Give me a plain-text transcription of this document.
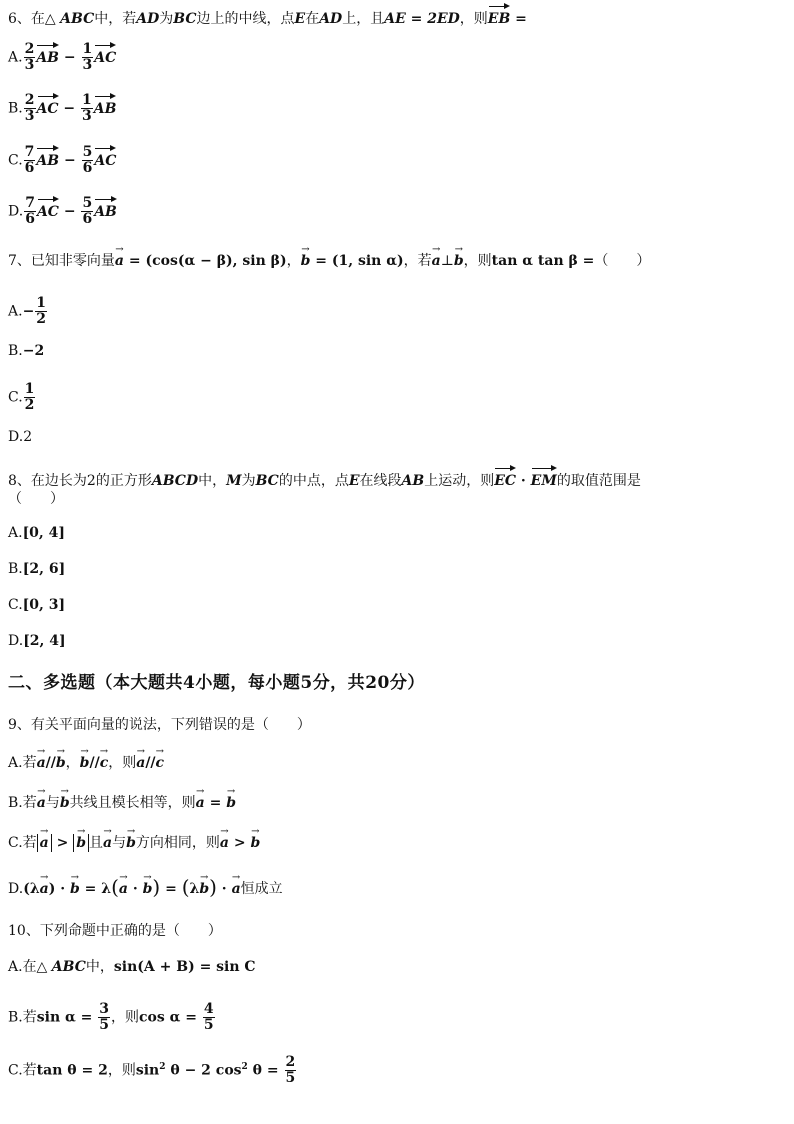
6、在△ ABC中，若AD为BC边上的中线，点E在AD上，且AE = 2ED，则EB =
A. $\frac{2}{3}$ AB − $\frac{1}{3}$ AC
B. $\frac{2}{3}$ AC − $\frac{1}{3}$ AB
C. $\frac{7}{6}$ AB − $\frac{5}{6}$ AC
D. $\frac{7}{6}$ AC − $\frac{5}{6}$ AB
7、已知非零向量a → = (cos(α − β), sin β)，b → = (1, sin α)，若a →⊥b →，则tan α tan β =（　　）
$A.- \frac{1}{2}$
B.−2
C. $\frac{1}{2}$
D.2
8、在边长为2的正方形ABCD中，M为BC的中点，点E在线段AB上运动，则EC · EM的取值范围是
（　　）
A.[0, 4]
B.[2, 6]
C.[0, 3]
D.[2, 4]
二、多选题（本大题共4小题，每小题5分，共20分）
9、有关平面向量的说法，下列错误的是（　　）
A.若a →//b →，b →//c →，则a →//c →
B.若a →与b →共线且模长相等，则a → = b →
C.若 a → > b → 且a →与b →方向相同，则a → > b →
D.(λa →) · b → = λ(a → · b →) = (λb →) · a →恒成立
10、下列命题中正确的是（　　）
A.在△ ABC中，sin(A + B) = sin C
B.若$\sin \alpha = \frac{3}{5}$ ，则$\cos \alpha = \frac{4}{5}$
C.若tan θ = 2，则$\sin^2 \theta - 2$ $\cos^2 \theta = \frac{2}{5}$
